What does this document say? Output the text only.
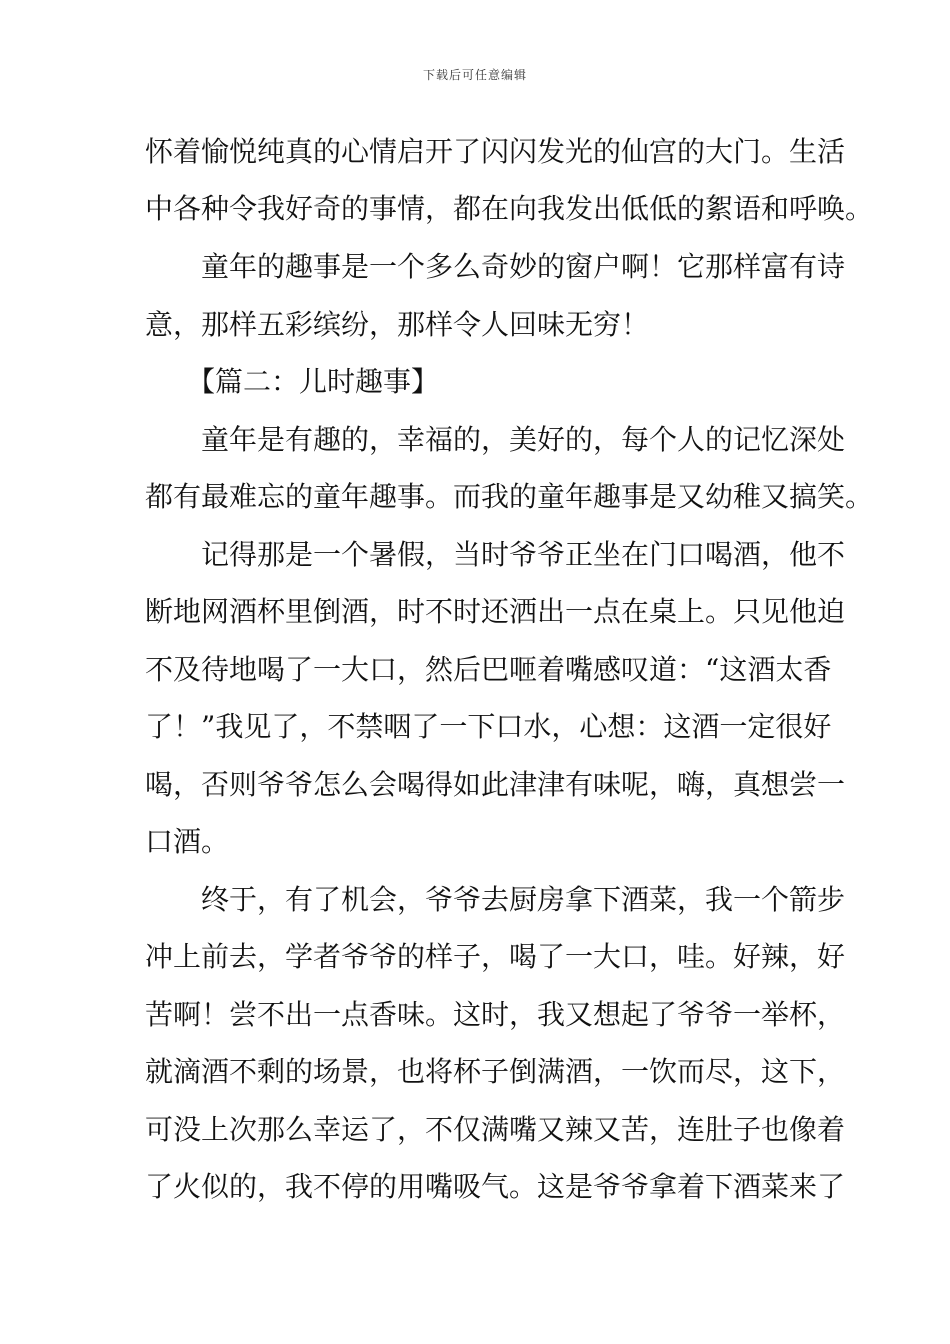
下载后可任意编辑
怀着愉悦纯真的心情启开了闪闪发光的仙宫的大门。生活
中各种令我好奇的事情，都在向我发出低低的絮语和呼唤。
　　童年的趣事是一个多么奇妙的窗户啊！它那样富有诗
意，那样五彩缤纷，那样令人回味无穷！
　　【篇二：儿时趣事】
　　童年是有趣的，幸福的，美好的，每个人的记忆深处
都有最难忘的童年趣事。而我的童年趣事是又幼稚又搞笑。
　　记得那是一个暑假，当时爷爷正坐在门口喝酒，他不
断地网酒杯里倒酒，时不时还洒出一点在桌上。只见他迫
不及待地喝了一大口，然后巴咂着嘴感叹道：“这酒太香
了！”我见了，不禁咽了一下口水，心想：这酒一定很好
喝，否则爷爷怎么会喝得如此津津有味呢，嗨，真想尝一
口酒。
　　终于，有了机会，爷爷去厨房拿下酒菜，我一个箭步
冲上前去，学者爷爷的样子，喝了一大口，哇。好辣，好
苦啊！尝不出一点香味。这时，我又想起了爷爷一举杯，
就滴酒不剩的场景，也将杯子倒满酒，一饮而尽，这下，
可没上次那么幸运了，不仅满嘴又辣又苦，连肚子也像着
了火似的，我不停的用嘴吸气。这是爷爷拿着下酒菜来了
